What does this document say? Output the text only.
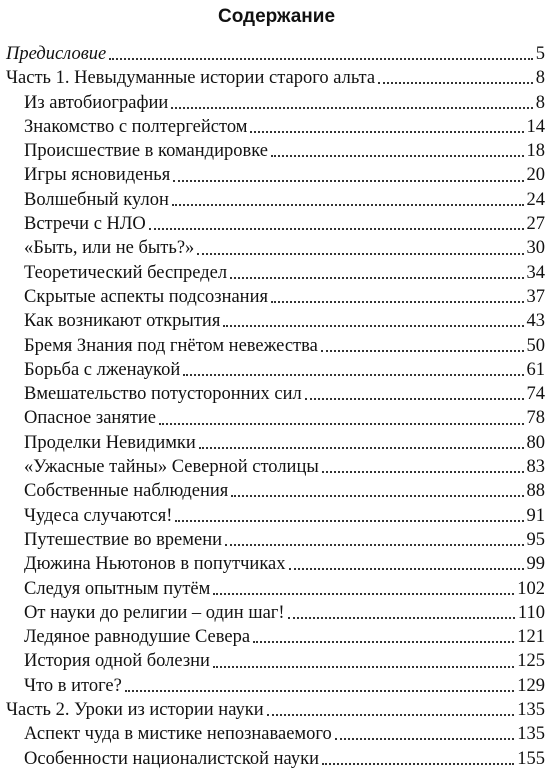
Содержание
Предисловие	5
Часть 1. Невыдуманные истории старого альта	8
Из автобиографии	8
Знакомство с полтергейстом	14
Происшествие в командировке	18
Игры ясновиденья	20
Волшебный кулон	24
Встречи с НЛО	27
«Быть, или не быть?»	30
Теоретический беспредел	34
Скрытые аспекты подсознания	37
Как возникают открытия	43
Бремя Знания под гнётом невежества	50
Борьба с лженаукой	61
Вмешательство потусторонних сил	74
Опасное занятие	78
Проделки Невидимки	80
«Ужасные тайны» Северной столицы	83
Собственные наблюдения	88
Чудеса случаются!	91
Путешествие во времени	95
Дюжина Ньютонов в попутчиках	99
Следуя опытным путём	102
От науки до религии – один шаг!	110
Ледяное равнодушие Севера	121
История одной болезни	125
Что в итоге?	129
Часть 2. Уроки из истории науки	135
Аспект чуда в мистике непознаваемого	135
Особенности националистской науки	155
